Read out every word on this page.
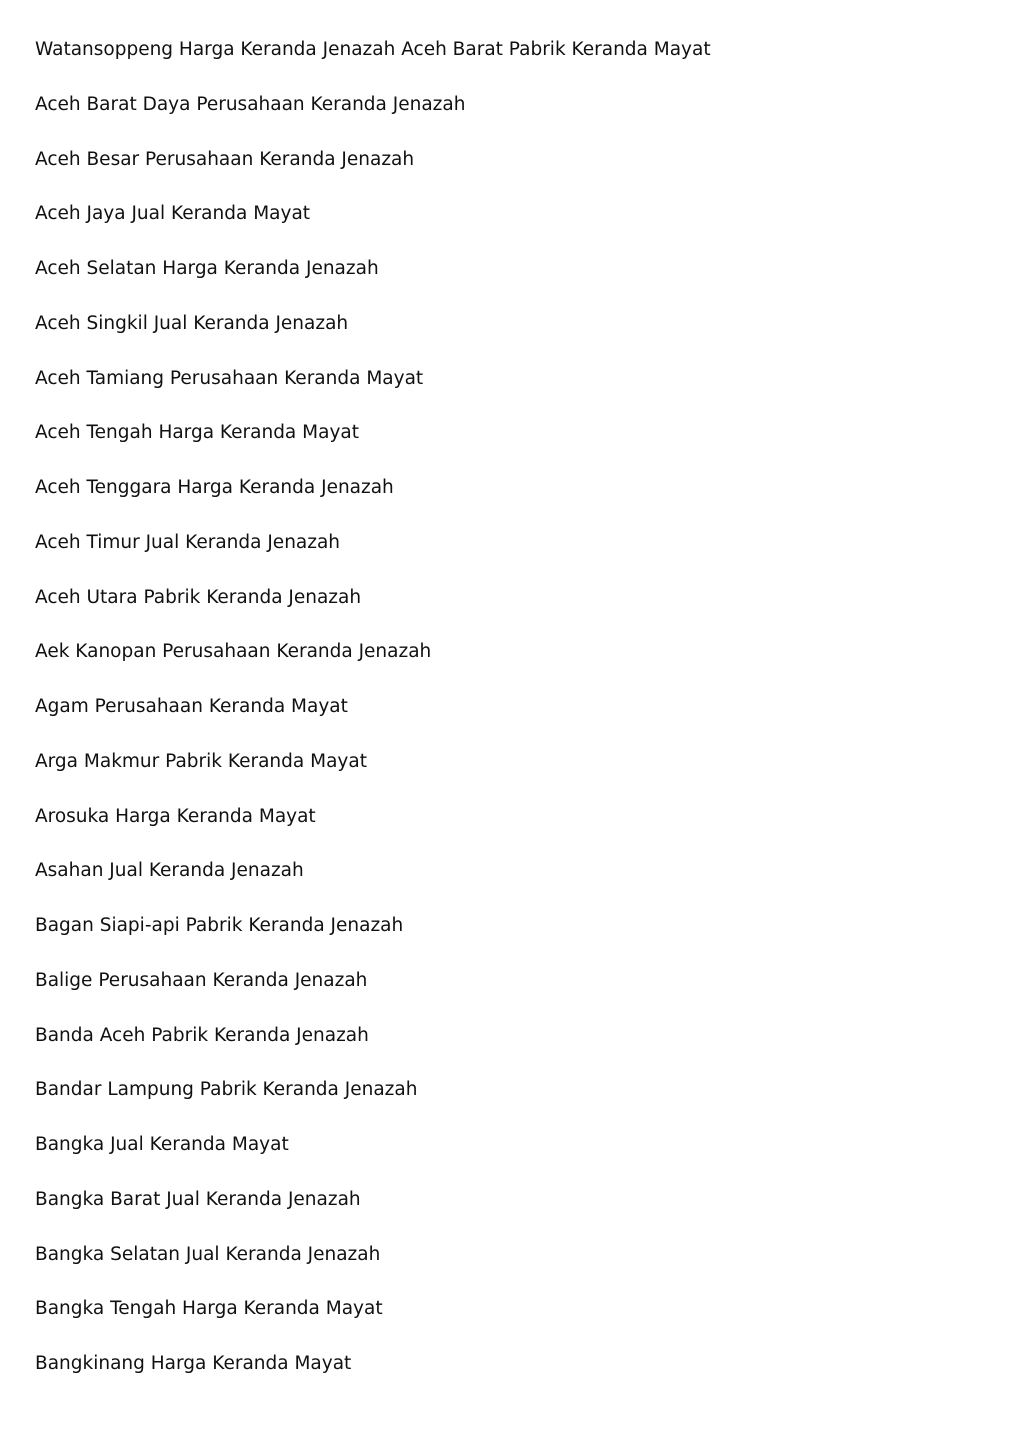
Watansoppeng Harga Keranda Jenazah Aceh Barat Pabrik Keranda Mayat
Aceh Barat Daya Perusahaan Keranda Jenazah
Aceh Besar Perusahaan Keranda Jenazah
Aceh Jaya Jual Keranda Mayat
Aceh Selatan Harga Keranda Jenazah
Aceh Singkil Jual Keranda Jenazah
Aceh Tamiang Perusahaan Keranda Mayat
Aceh Tengah Harga Keranda Mayat
Aceh Tenggara Harga Keranda Jenazah
Aceh Timur Jual Keranda Jenazah
Aceh Utara Pabrik Keranda Jenazah
Aek Kanopan Perusahaan Keranda Jenazah
Agam Perusahaan Keranda Mayat
Arga Makmur Pabrik Keranda Mayat
Arosuka Harga Keranda Mayat
Asahan Jual Keranda Jenazah
Bagan Siapi-api Pabrik Keranda Jenazah
Balige Perusahaan Keranda Jenazah
Banda Aceh Pabrik Keranda Jenazah
Bandar Lampung Pabrik Keranda Jenazah
Bangka Jual Keranda Mayat
Bangka Barat Jual Keranda Jenazah
Bangka Selatan Jual Keranda Jenazah
Bangka Tengah Harga Keranda Mayat
Bangkinang Harga Keranda Mayat
